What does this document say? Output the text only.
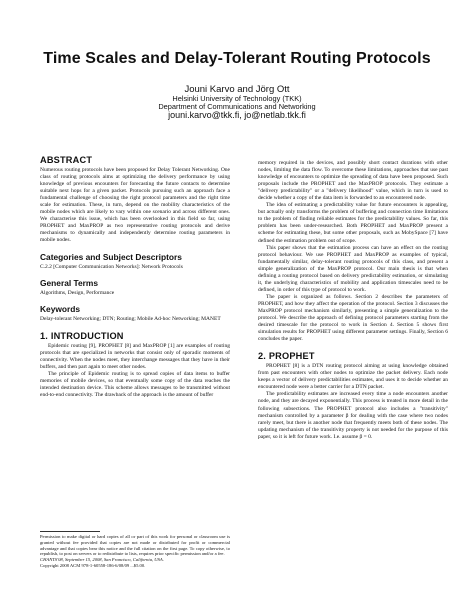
Time Scales and Delay-Tolerant Routing Protocols
Jouni Karvo and Jörg Ott
Helsinki University of Technology (TKK)
Department of Communications and Networking
jouni.karvo@tkk.fi, jo@netlab.tkk.fi
ABSTRACT

Numerous routing protocols have been proposed for Delay Tolerant Networking. One class of routing protocols aims at optimizing the delivery performance by using knowledge of previous encounters for forecasting the future contacts to determine suitable next hops for a given packet. Protocols pursuing such an approach face a fundamental challenge of choosing the right protocol parameters and the right time scale for estimation. These, in turn, depend on the mobility characteristics of the mobile nodes which are likely to vary within one scenario and across different ones. We characterise this issue, which has been overlooked in this field so far, using PROPHET and MaxPROP as two representative routing protocols and derive mechanisms to dynamically and independently determine routing parameters in mobile nodes.

Categories and Subject Descriptors

C.2.2 [Computer Communication Networks]: Network Protocols

General Terms

Algorithms, Design, Performance

Keywords

Delay-tolerant Networking; DTN; Routing; Mobile Ad-hoc Networking; MANET

1. INTRODUCTION

Epidemic routing [9], PROPHET [8] and MaxPROP [1] are examples of routing protocols that are specialized in networks that consist only of sporadic moments of connectivity. When the nodes meet, they interchange messages that they have in their buffers, and then part again to meet other nodes.

The principle of Epidemic routing is to spread copies of data items to buffer memories of mobile devices, so that eventually some copy of the data reaches the intended destination device. This scheme allows messages to be transmitted without end-to-end connectivity. The drawback of the approach is the amount of buffer

Permission to make digital or hard copies of all or part of this work for personal or classroom use is granted without fee provided that copies are not made or distributed for profit or commercial advantage and that copies bear this notice and the full citation on the first page. To copy otherwise, to republish, to post on servers or to redistribute to lists, requires prior specific permission and/or a fee.

CHANTS'08, September 15, 2008, San Francisco, California, USA.

Copyright 2008 ACM 978-1-60558-186-6/08/09 ...$5.00.

memory required in the devices, and possibly short contact durations with other nodes, limiting the data flow. To overcome these limitations, approaches that use past knowledge of encounters to optimize the spreading of data have been proposed. Such proposals include the PROPHET and the MaxPROP protocols. They estimate a "delivery predictability" or a "delivery likelihood" value, which in turn is used to decide whether a copy of the data item is forwarded to an encountered node.

The idea of estimating a predictability value for future encounters is appealing, but actually only transforms the problem of buffering and connection time limitations to the problem of finding reliable estimates for the predictability values. So far, this problem has been under-researched. Both PROPHET and MaxPROP present a scheme for estimating these, but some other proposals, such as MobySpace [7] have defined the estimation problem out of scope.

This paper shows that the estimation process can have an effect on the routing protocol behaviour. We use PROPHET and MaxPROP as examples of typical, fundamentally similar, delay-tolerant routing protocols of this class, and present a simple generalization of the MaxPROP protocol. Our main thesis is that when defining a routing protocol based on delivery predictability estimation, or simulating it, the underlying characteristics of mobility and application timescales need to be defined, in order of this type of protocol to work.

The paper is organized as follows. Section 2 describes the parameters of PROPHET, and how they affect the operation of the protocol. Section 3 discusses the MaxPROP protocol mechanism similarly, presenting a simple generalization to the protocol. We describe the approach of defining protocol parameters starting from the desired timescale for the protocol to work in Section 4. Section 5 shows first simulation results for PROPHET using different parameter settings. Finally, Section 6 concludes the paper.

2. PROPHET

PROPHET [8] is a DTN routing protocol aiming at using knowledge obtained from past encounters with other nodes to optimize the packet delivery. Each node keeps a vector of delivery predictabilities estimates, and uses it to decide whether an encountered node were a better carrier for a DTN packet.

The predictability estimates are increased every time a node encounters another node, and they are decayed exponentially. This process is treated in more detail in the following subsections. The PROPHET protocol also includes a "transitivity" mechanism controlled by a parameter β for dealing with the case where two nodes rarely meet, but there is another node that frequently meets both of these nodes. The updating mechanism of the transitivity property is not needed for the purpose of this paper, so it is left for future work. I.e. assume β = 0.
